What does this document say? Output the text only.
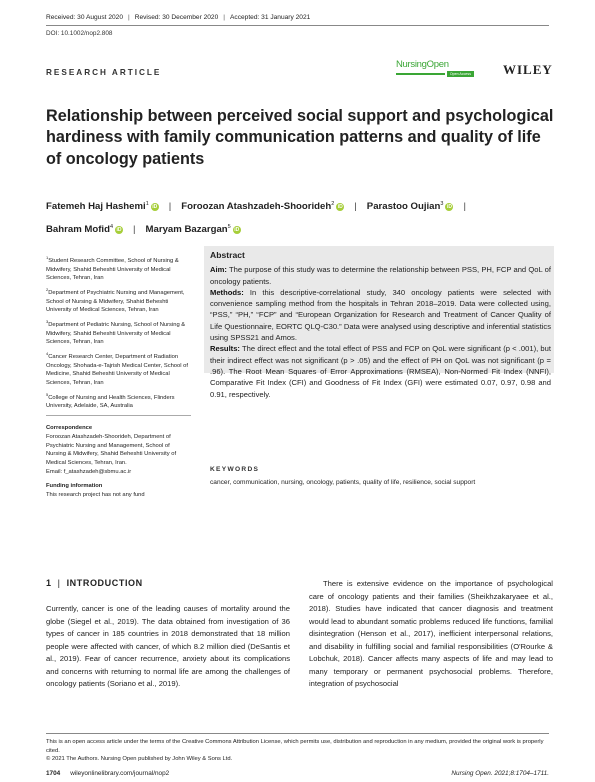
Received: 30 August 2020 | Revised: 30 December 2020 | Accepted: 31 January 2021
DOI: 10.1002/nop2.808
RESEARCH ARTICLE
NursingOpen
Open Access WILEY
Relationship between perceived social support and psychological hardiness with family communication patterns and quality of life of oncology patients
Fatemeh Haj Hashemi$^1$iD | Foroozan Atashzadeh-Shoorideh$^2$iD | Parastoo Oujian$^3$iD |
Bahram Mofid$^4$iD | Maryam Bazargan$^5$iD
$^1$Student Research Committee, School of Nursing & Midwifery, Shahid Beheshti University of Medical Sciences, Tehran, Iran
$^2$Department of Psychiatric Nursing and Management, School of Nursing & Midwifery, Shahid Beheshti University of Medical Sciences, Tehran, Iran
$^3$Department of Pediatric Nursing, School of Nursing & Midwifery, Shahid Beheshti University of Medical Sciences, Tehran, Iran
$^4$Cancer Research Center, Department of Radiation Oncology, Shohada-e-Tajrish Medical Center, School of Medicine, Shahid Beheshti University of Medical Sciences, Tehran, Iran
$^5$College of Nursing and Health Sciences, Flinders University, Adelaide, SA, Australia
Correspondence
Foroozan Atashzadeh-Shoorideh, Department of Psychiatric Nursing and Management, School of Nursing & Midwifery, Shahid Beheshti University of Medical Sciences, Tehran, Iran.
Email: f_atashzadeh@sbmu.ac.ir
Funding information
This research project has not any fund
Abstract

Aim: The purpose of this study was to determine the relationship between PSS, PH, FCP and QoL of oncology patients.

Methods: In this descriptive-correlational study, 340 oncology patients were selected with convenience sampling method from the hospitals in Tehran 2018–2019. Data were collected using, “PSS,” “PH,” “FCP” and “European Organization for Research and Treatment of Cancer Quality of Life Questionnaire, EORTC QLQ-C30.” Data were analysed using descriptive and inferential statistics using SPSS21 and Amos.

Results: The direct effect and the total effect of PSS and FCP on QoL were significant (p < .001), but their indirect effect was not significant (p > .05) and the effect of PH on QoL was not significant (p = .96). The Root Mean Squares of Error Approximations (RMSEA), Non-Normed Fit Index (NNFI), Comparative Fit Index (CFI) and Goodness of Fit Index (GFI) were estimated 0.07, 0.97, 0.98 and 0.91, respectively.

KEYWORDS
cancer, communication, nursing, oncology, patients, quality of life, resilience, social support
1 | INTRODUCTION

Currently, cancer is one of the leading causes of mortality around the globe (Siegel et al., 2019). The data obtained from investigation of 36 types of cancer in 185 countries in 2018 demonstrated that 18 million people were affected with cancer, of which 8.2 million died (DeSantis et al., 2019). Fear of cancer recurrence, anxiety about its complications and concerns with returning to normal life are among the challenges of oncology patients (Soriano et al., 2019).

There is extensive evidence on the importance of psychological care of oncology patients and their families (Sheikhzakaryaee et al., 2018). Studies have indicated that cancer diagnosis and treatment would lead to abundant somatic problems reduced life functions, familial disintegration (Henson et al., 2017), inefficient interpersonal relations, and disability in fulfilling social and familial responsibilities (O'Rourke & Lobchuk, 2018). Cancer affects many aspects of life and may lead to many temporary or permanent psychosocial problems. Therefore, integration of psychosocial

This is an open access article under the terms of the Creative Commons Attribution License, which permits use, distribution and reproduction in any medium, provided the original work is properly cited.
© 2021 The Authors. Nursing Open published by John Wiley & Sons Ltd.
1704 wileyonlinelibrary.com/journal/nop2	Nursing Open. 2021;8:1704–1711.
